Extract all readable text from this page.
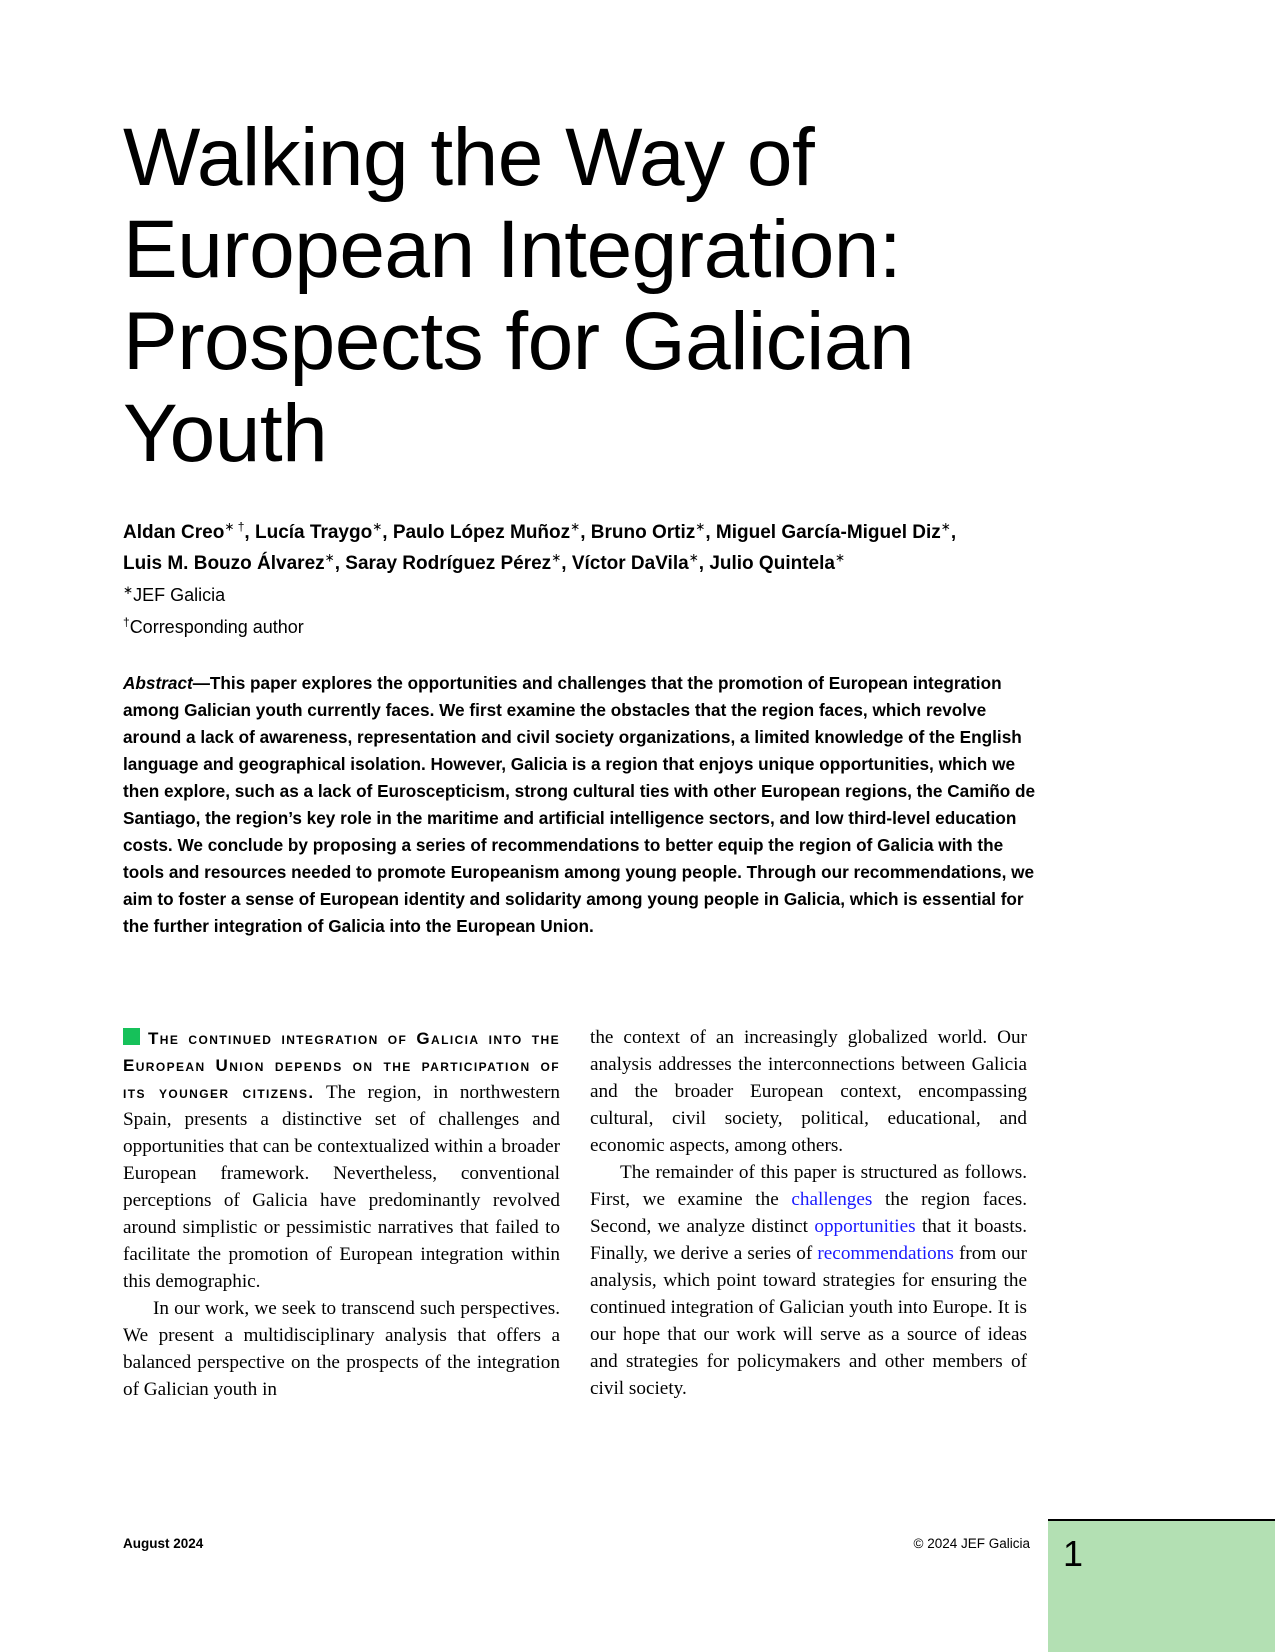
Walking the Way of
European Integration:
Prospects for Galician
Youth
Aldan Creo∗ †, Lucía Traygo∗, Paulo López Muñoz∗, Bruno Ortiz∗, Miguel García-Miguel Diz∗,
Luis M. Bouzo Álvarez∗, Saray Rodríguez Pérez∗, Víctor DaVila∗, Julio Quintela∗
∗JEF Galicia
†Corresponding author
Abstract—This paper explores the opportunities and challenges that the promotion of European integration among Galician youth currently faces. We first examine the obstacles that the region faces, which revolve around a lack of awareness, representation and civil society organizations, a limited knowledge of the English language and geographical isolation. However, Galicia is a region that enjoys unique opportunities, which we then explore, such as a lack of Euroscepticism, strong cultural ties with other European regions, the Camiño de Santiago, the region’s key role in the maritime and artificial intelligence sectors, and low third-level education costs. We conclude by proposing a series of recommendations to better equip the region of Galicia with the tools and resources needed to promote Europeanism among young people. Through our recommendations, we aim to foster a sense of European identity and solidarity among young people in Galicia, which is essential for the further integration of Galicia into the European Union.

The continued integration of Galicia into the European Union depends on the participation of its younger citizens. The region, in northwestern Spain, presents a distinctive set of challenges and opportunities that can be contextualized within a broader European framework. Nevertheless, conventional perceptions of Galicia have predominantly revolved around simplistic or pessimistic narratives that failed to facilitate the promotion of European integration within this demographic.

In our work, we seek to transcend such perspectives. We present a multidisciplinary analysis that offers a balanced perspective on the prospects of the integration of Galician youth in

the context of an increasingly globalized world. Our analysis addresses the interconnections between Galicia and the broader European context, encompassing cultural, civil society, political, educational, and economic aspects, among others.

The remainder of this paper is structured as follows. First, we examine the challenges the region faces. Second, we analyze distinct opportunities that it boasts. Finally, we derive a series of recommendations from our analysis, which point toward strategies for ensuring the continued integration of Galician youth into Europe. It is our hope that our work will serve as a source of ideas and strategies for policymakers and other members of civil society.

August 2024	© 2024 JEF Galicia 1
